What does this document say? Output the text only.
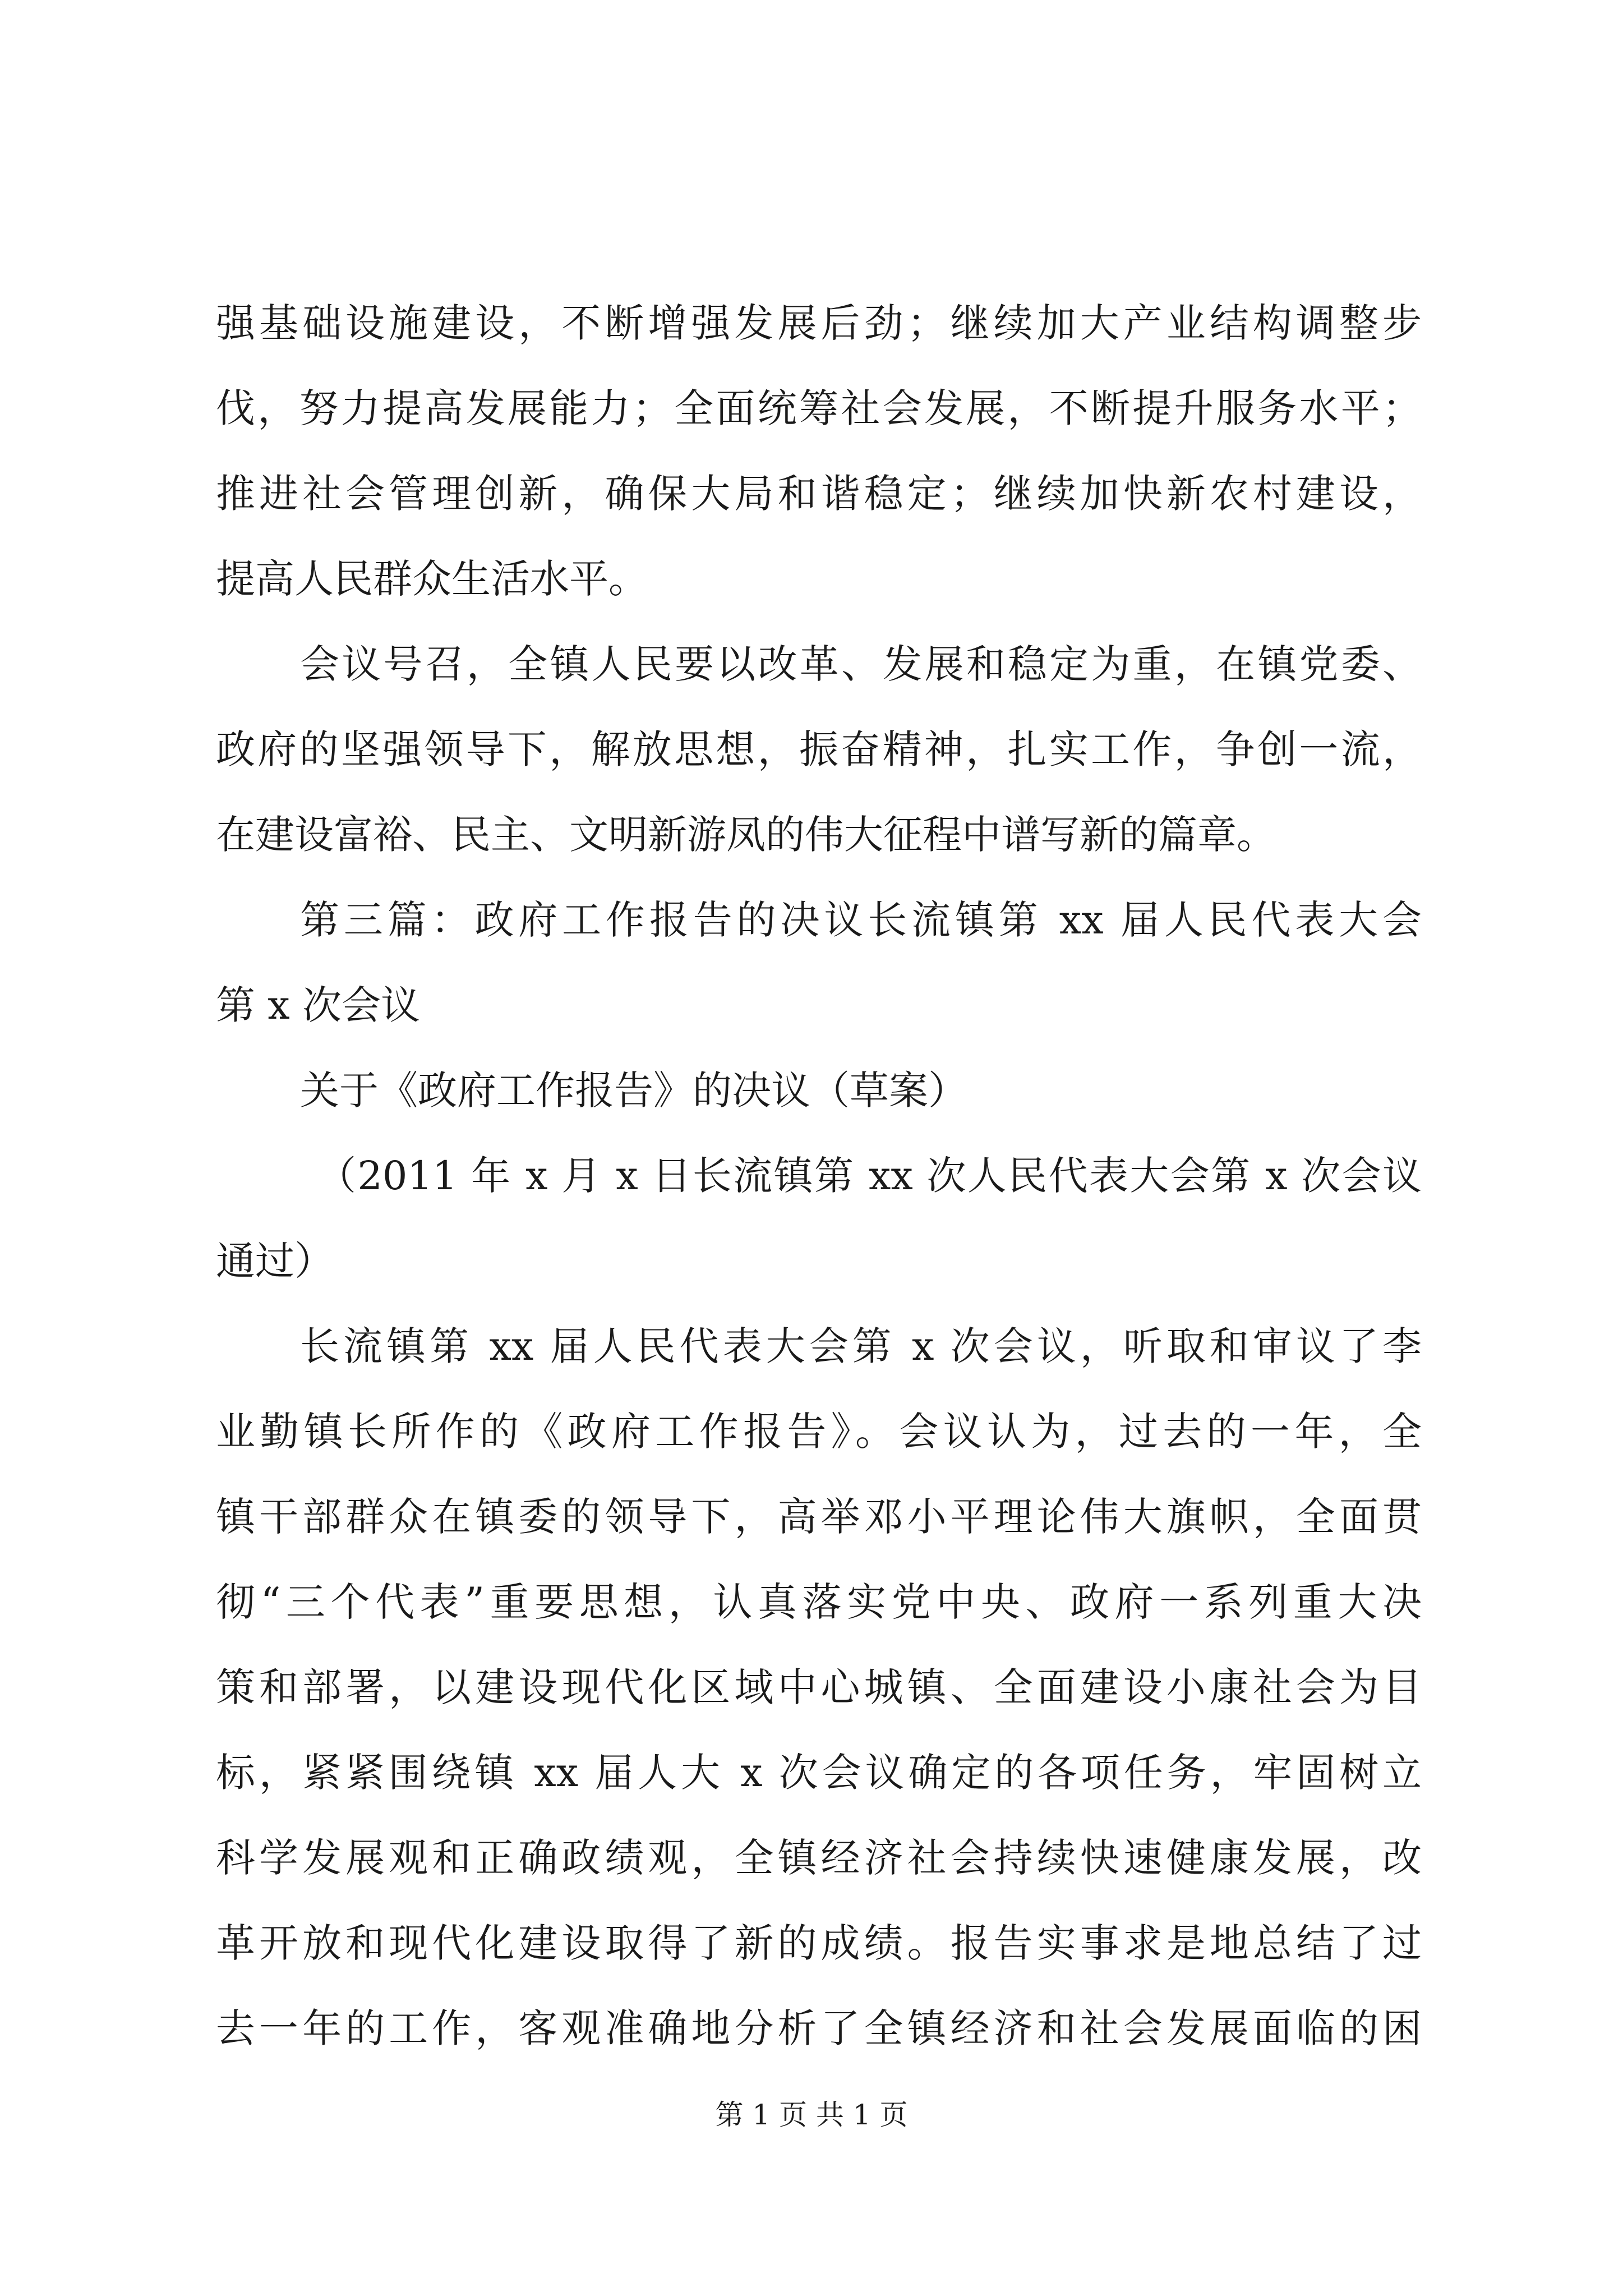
强基础设施建设，不断增强发展后劲；继续加大产业结构调整步
伐，努力提高发展能力；全面统筹社会发展，不断提升服务水平；
推进社会管理创新，确保大局和谐稳定；继续加快新农村建设，
提高人民群众生活水平。
会议号召，全镇人民要以改革、发展和稳定为重，在镇党委、
政府的坚强领导下，解放思想，振奋精神，扎实工作，争创一流，
在建设富裕、民主、文明新游凤的伟大征程中谱写新的篇章。
第三篇：政府工作报告的决议长流镇第 xx 届人民代表大会
第 x 次会议
关于《政府工作报告》的决议（草案）
（2011 年 x 月 x 日长流镇第 xx 次人民代表大会第 x 次会议
通过）
长流镇第 xx 届人民代表大会第 x 次会议，听取和审议了李
业勤镇长所作的《政府工作报告》。会议认为，过去的一年，全
镇干部群众在镇委的领导下，高举邓小平理论伟大旗帜，全面贯
彻“三个代表”重要思想，认真落实党中央、政府一系列重大决
策和部署，以建设现代化区域中心城镇、全面建设小康社会为目
标，紧紧围绕镇 xx 届人大 x 次会议确定的各项任务，牢固树立
科学发展观和正确政绩观，全镇经济社会持续快速健康发展，改
革开放和现代化建设取得了新的成绩。报告实事求是地总结了过
去一年的工作，客观准确地分析了全镇经济和社会发展面临的困
第 1 页 共 1 页
